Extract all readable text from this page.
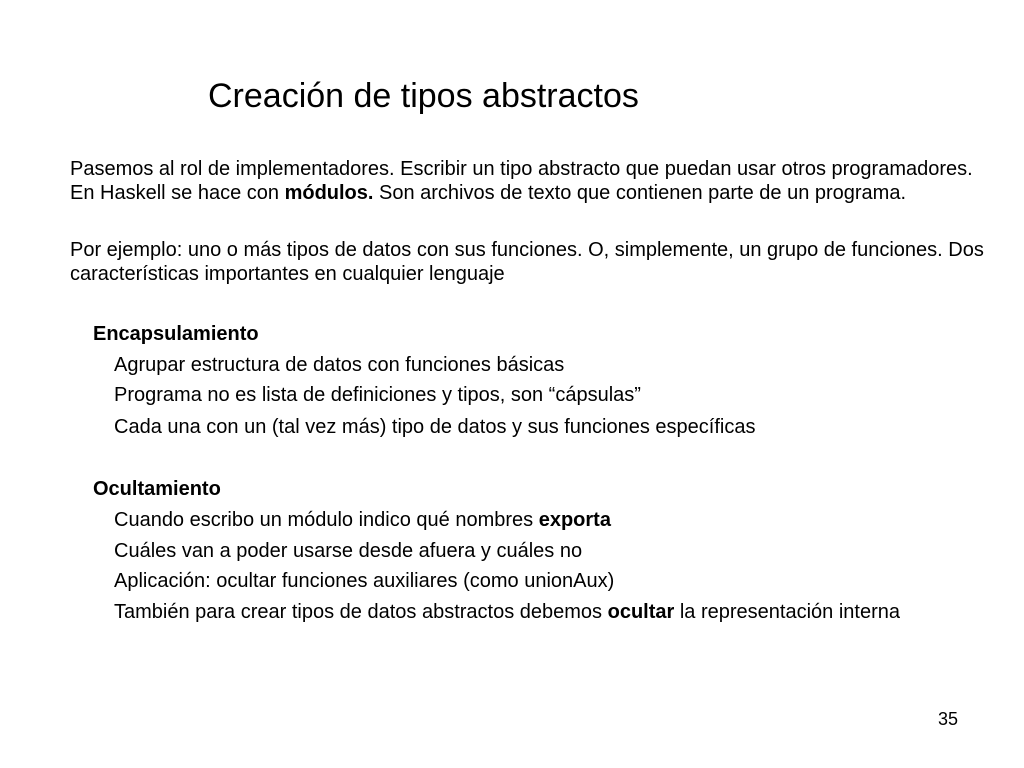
Creación de tipos abstractos
Pasemos al rol de implementadores. Escribir un tipo abstracto que puedan usar otros programadores. En Haskell se hace con módulos. Son archivos de texto que contienen parte de un programa.
Por ejemplo: uno o más tipos de datos con sus funciones. O, simplemente, un grupo de funciones. Dos características importantes en cualquier lenguaje
Encapsulamiento
Agrupar estructura de datos con funciones básicas
Programa no es lista de definiciones y tipos, son “cápsulas”
Cada una con un (tal vez más) tipo de datos y sus funciones específicas
Ocultamiento
Cuando escribo un módulo indico qué nombres exporta
Cuáles van a poder usarse desde afuera y cuáles no
Aplicación: ocultar funciones auxiliares (como unionAux)
También para crear tipos de datos abstractos debemos ocultar la representación interna
35
